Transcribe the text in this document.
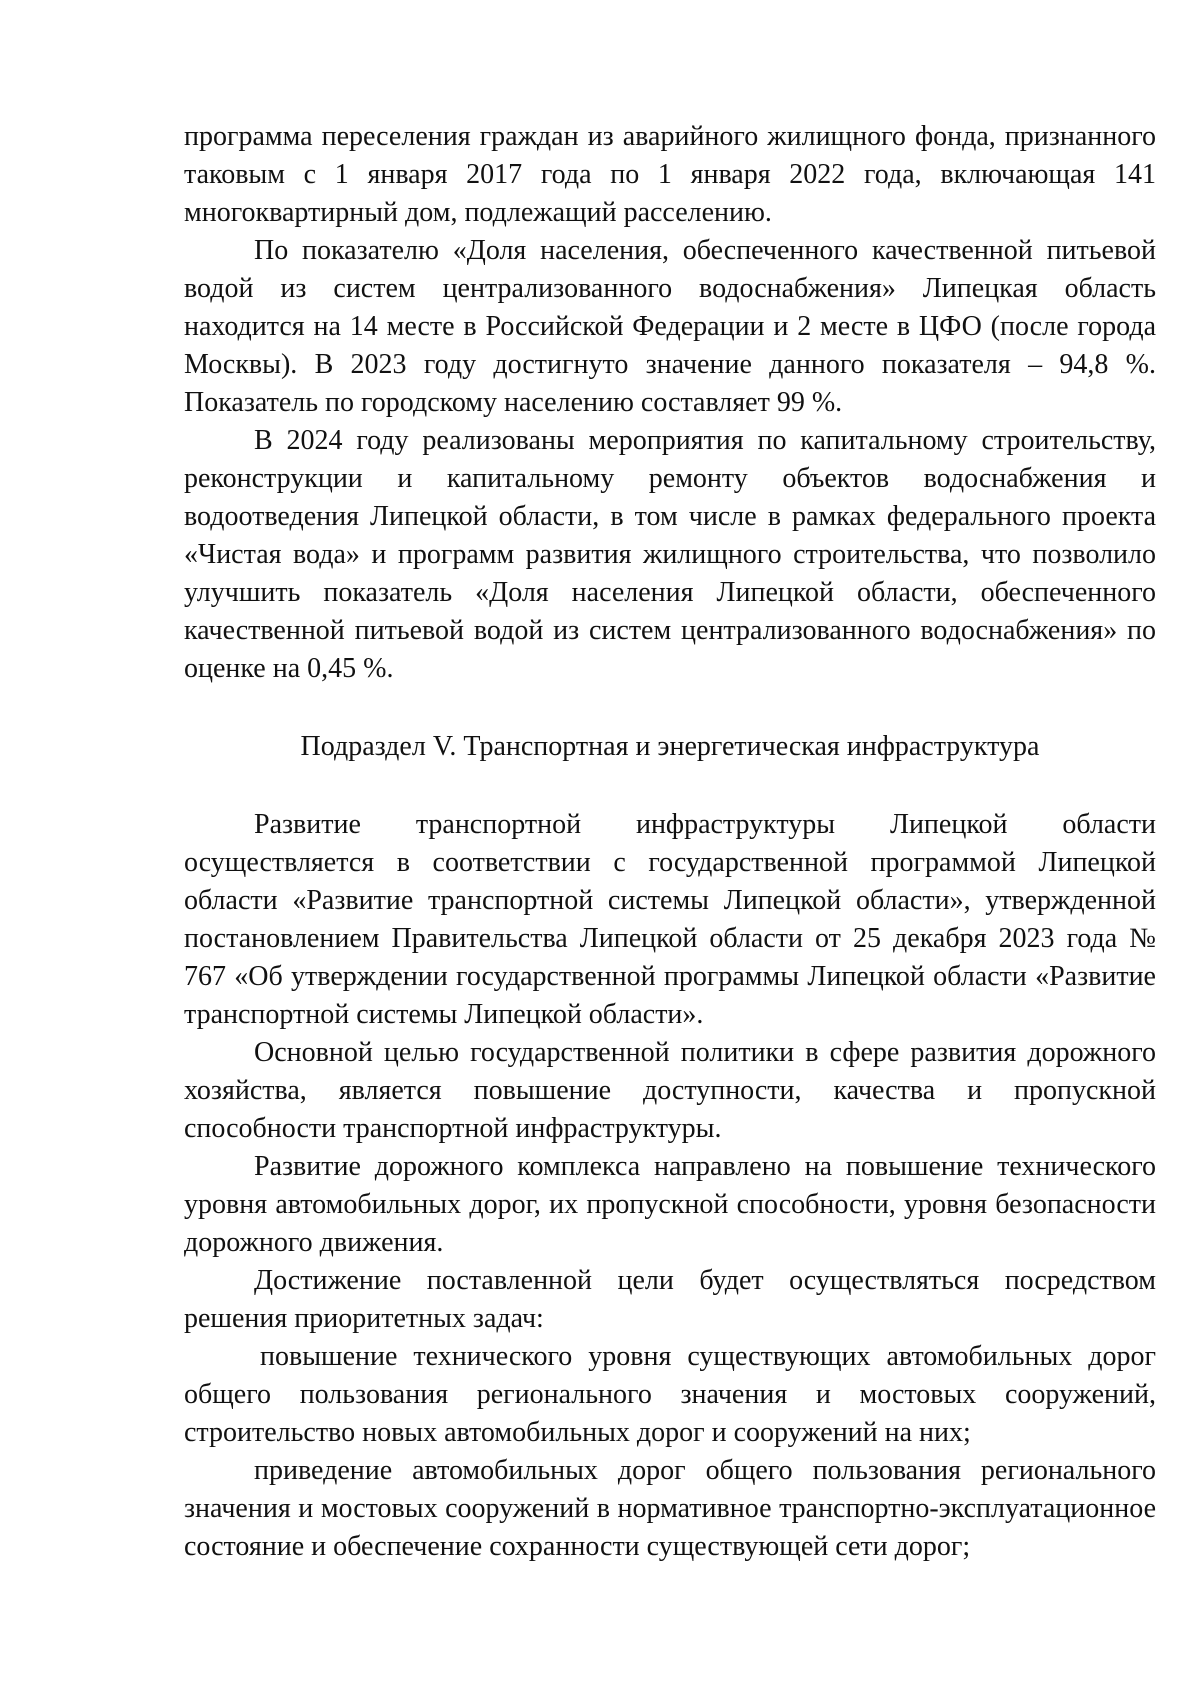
программа переселения граждан из аварийного жилищного фонда, признанного таковым с 1 января 2017 года по 1 января 2022 года, включающая 141 многоквартирный дом, подлежащий расселению.

По показателю «Доля населения, обеспеченного качественной питьевой водой из систем централизованного водоснабжения» Липецкая область находится на 14 месте в Российской Федерации и 2 месте в ЦФО (после города Москвы). В 2023 году достигнуто значение данного показателя – 94,8 %. Показатель по городскому населению составляет 99 %.

В 2024 году реализованы мероприятия по капитальному строительству, реконструкции и капитальному ремонту объектов водоснабжения и водоотведения Липецкой области, в том числе в рамках федерального проекта «Чистая вода» и программ развития жилищного строительства, что позволило улучшить показатель «Доля населения Липецкой области, обеспеченного качественной питьевой водой из систем централизованного водоснабжения» по оценке на 0,45 %.

Подраздел V. Транспортная и энергетическая инфраструктура

Развитие транспортной инфраструктуры Липецкой области осуществляется в соответствии с государственной программой Липецкой области «Развитие транспортной системы Липецкой области», утвержденной постановлением Правительства Липецкой области от 25 декабря 2023 года № 767 «Об утверждении государственной программы Липецкой области «Развитие транспортной системы Липецкой области».

Основной целью государственной политики в сфере развития дорожного хозяйства, является повышение доступности, качества и пропускной способности транспортной инфраструктуры.

Развитие дорожного комплекса направлено на повышение технического уровня автомобильных дорог, их пропускной способности, уровня безопасности дорожного движения.

Достижение поставленной цели будет осуществляться посредством решения приоритетных задач:

повышение технического уровня существующих автомобильных дорог общего пользования регионального значения и мостовых сооружений, строительство новых автомобильных дорог и сооружений на них;

приведение автомобильных дорог общего пользования регионального значения и мостовых сооружений в нормативное транспортно-эксплуатационное состояние и обеспечение сохранности существующей сети дорог;
